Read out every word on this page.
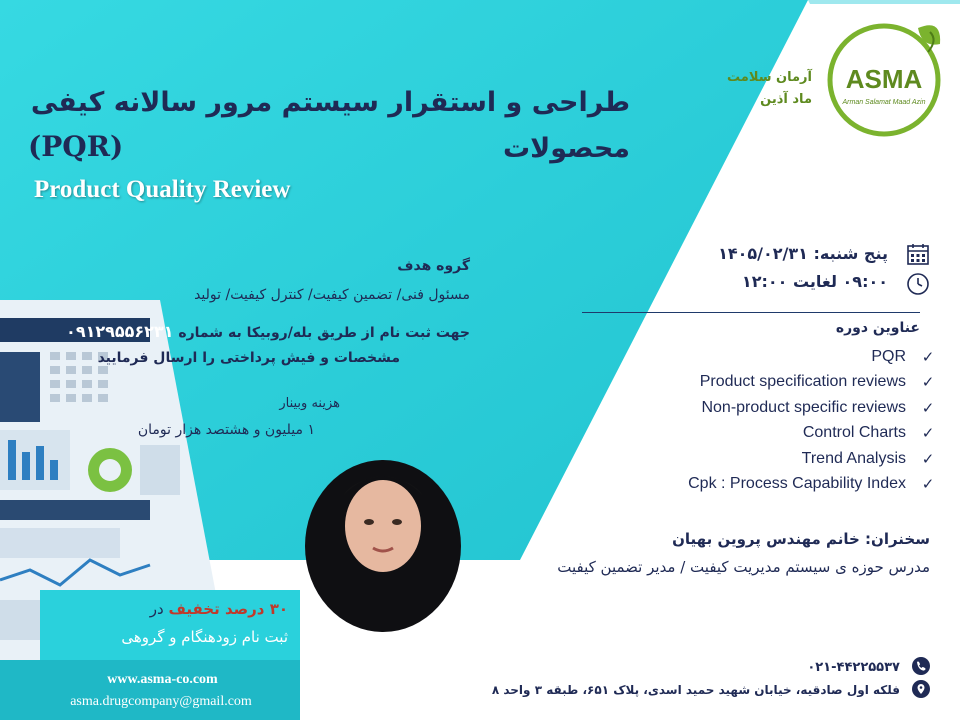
ASMA
Arman Salamat Maad Azin
آرمان سلامت
ماد آذین
طراحی و استقرار سیستم مرور سالانه کیفی محصولات
(PQR)
Product Quality Review
گروه هدف
مسئول فنی/ تضمین کیفیت/ کنترل کیفیت/ تولید
جهت ثبت نام از طریق بله/روبیکا به شماره ۰۹۱۲۹۵۵۶۲۳۱
مشخصات و فیش پرداختی را ارسال فرمایید
هزینه وبینار
۱ میلیون و هشتصد هزار تومان
پنج شنبه: ۱۴۰۵/۰۲/۳۱
۰۹:۰۰ لغایت ۱۲:۰۰
عناوین دوره
PQR ✓
Product specification reviews ✓
Non-product specific reviews ✓
Control Charts ✓
Trend Analysis ✓
Cpk : Process Capability Index ✓
سخنران: خانم مهندس پروین بهیان
مدرس حوزه ی سیستم مدیریت کیفیت / مدیر تضمین کیفیت
۳۰ درصد تخفیف در
ثبت نام زودهنگام و گروهی
www.asma-co.com
asma.drugcompany@gmail.com
۰۲۱-۴۴۲۲۵۵۳۷
فلکه اول صادقیه، خیابان شهید حمید اسدی، پلاک ۶۵۱، طبقه ۳ واحد ۸
